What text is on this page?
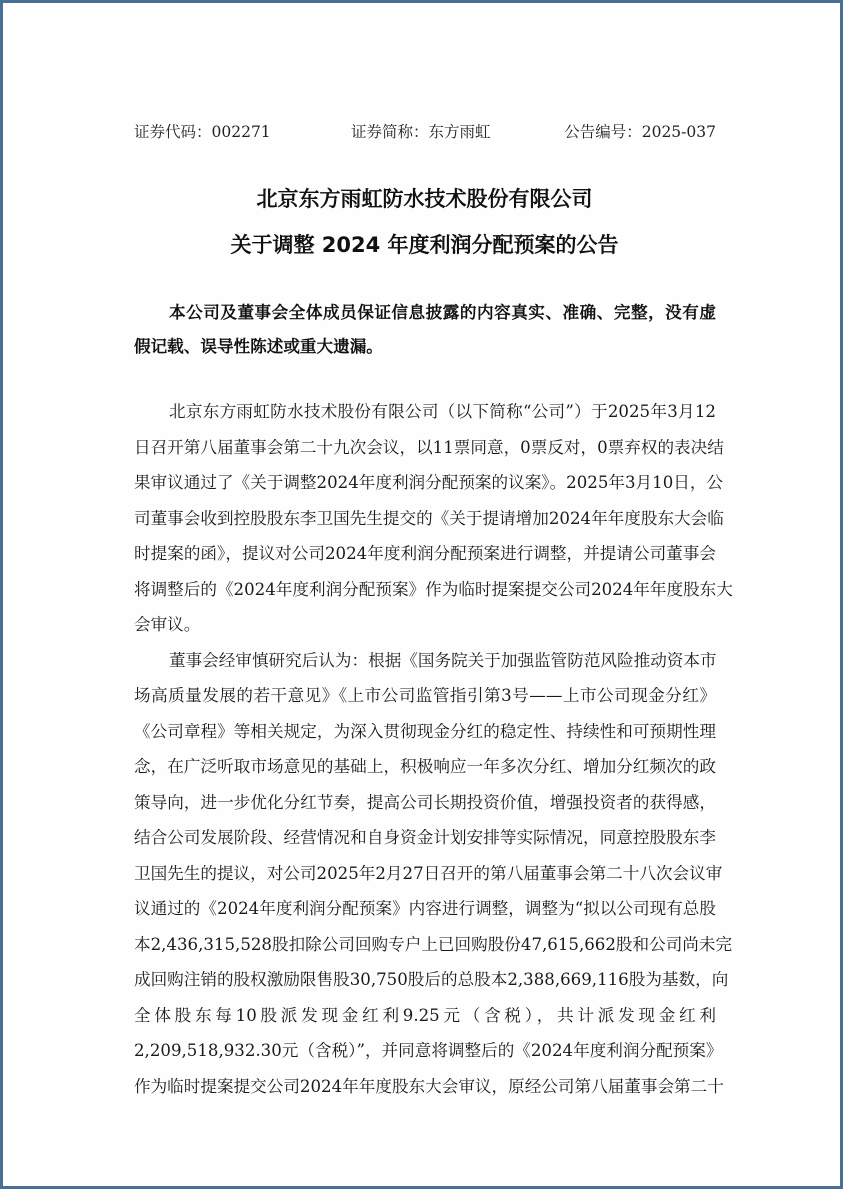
证券代码：002271	证券简称：东方雨虹	公告编号：2025-037
北京东方雨虹防水技术股份有限公司
关于调整 2024 年度利润分配预案的公告
本公司及董事会全体成员保证信息披露的内容真实、准确、完整，没有虚
假记载、误导性陈述或重大遗漏。
北京东方雨虹防水技术股份有限公司（以下简称“公司”）于2025年3月12
日召开第八届董事会第二十九次会议，以11票同意，0票反对，0票弃权的表决结
果审议通过了《关于调整2024年度利润分配预案的议案》。2025年3月10日，公
司董事会收到控股股东李卫国先生提交的《关于提请增加2024年年度股东大会临
时提案的函》，提议对公司2024年度利润分配预案进行调整，并提请公司董事会
将调整后的《2024年度利润分配预案》作为临时提案提交公司2024年年度股东大
会审议。
董事会经审慎研究后认为：根据《国务院关于加强监管防范风险推动资本市
场高质量发展的若干意见》《上市公司监管指引第3号——上市公司现金分红》
《公司章程》等相关规定，为深入贯彻现金分红的稳定性、持续性和可预期性理
念，在广泛听取市场意见的基础上，积极响应一年多次分红、增加分红频次的政
策导向，进一步优化分红节奏，提高公司长期投资价值，增强投资者的获得感，
结合公司发展阶段、经营情况和自身资金计划安排等实际情况，同意控股股东李
卫国先生的提议，对公司2025年2月27日召开的第八届董事会第二十八次会议审
议通过的《2024年度利润分配预案》内容进行调整，调整为“拟以公司现有总股
本2,436,315,528股扣除公司回购专户上已回购股份47,615,662股和公司尚未完
成回购注销的股权激励限售股30,750股后的总股本2,388,669,116股为基数，向
全体股东每10股派发现金红利9.25元（含税），共计派发现金红利
2,209,518,932.30元（含税）”，并同意将调整后的《2024年度利润分配预案》
作为临时提案提交公司2024年年度股东大会审议，原经公司第八届董事会第二十
